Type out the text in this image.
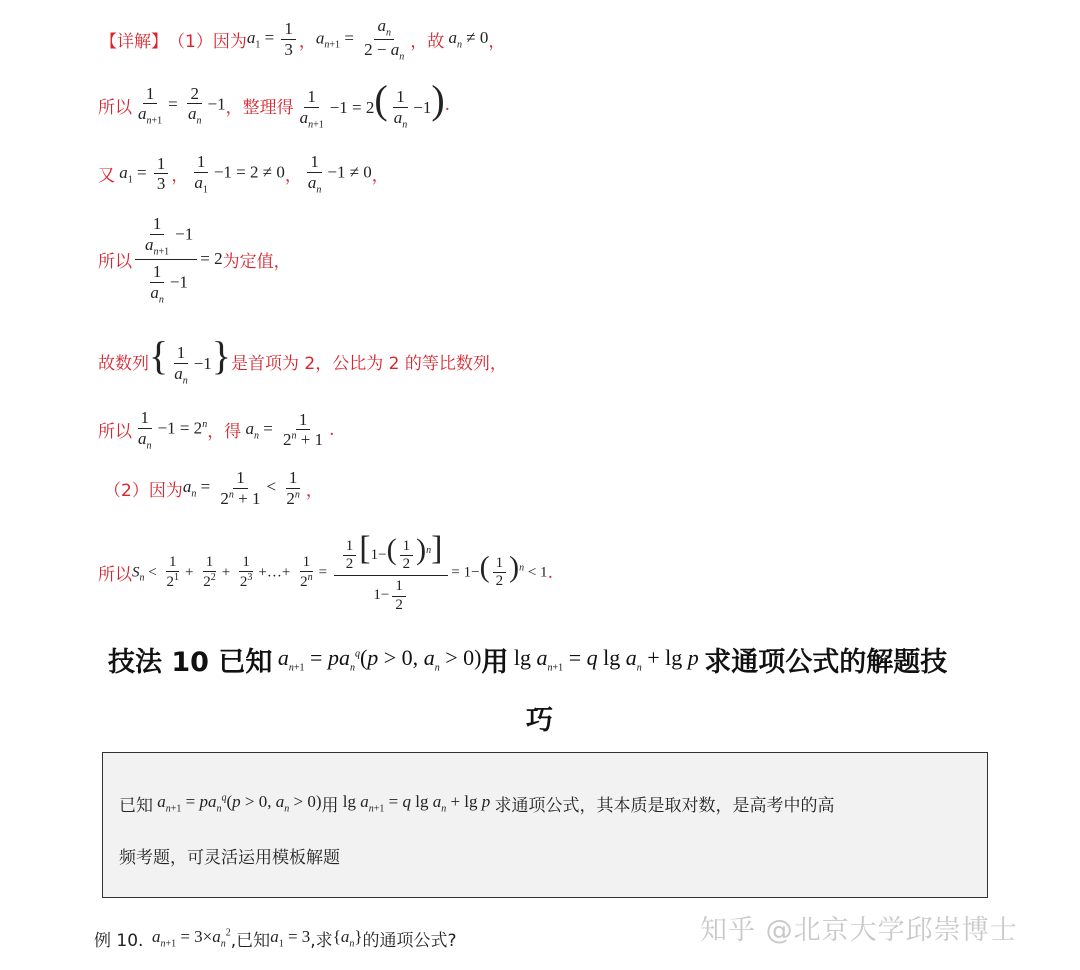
【详解】 （1）因为 $a_1 = \frac{1}{3}$ ， $a_{n+1} = \frac{a_n}{2 - a_n}$ ，故 $a_n \ne 0$ ，
所以 $\frac{1}{a_{n+1}} = \frac{2}{a_n} -1$ ，整理得 $\frac{1}{a_{n+1}} -1 = 2( \frac{1}{a_n} -1)$ .
又 $a_1 = \frac{1}{3}$ ， $\frac{1}{a_1} -1 = 2 \ne 0$ ， $\frac{1}{a_n} -1 \ne 0$ ，
所以 $\frac{\frac{1}{a_{n+1}} -1}{\frac{1}{a_n} -1} = 2$ 为定值，
故数列 { $\frac{1}{a_n} -1$} 是首项为 2，公比为 2 的等比数列，
所以 $\frac{1}{a_n} -1 = 2^n$ ，得 $a_n = \frac{1}{2^n + 1}$ .
（2）因为 $a_n = \frac{1}{2^n + 1} < \frac{1}{2^n}$ ，
所以 $S_n < \frac{1}{2^1} + \frac{1}{2^2} + \frac{1}{2^3}$ +…+ $\frac{1}{2^n} = \frac{\frac{1}{2} [1-( \frac{1}{2} )^n]}{1- \frac{1}{2}} = 1-( \frac{1}{2} )^n < 1$ .
技法 10 已知 $a_{n+1} = pa_n^q(p > 0$, $a_n > 0$) 用 $\lg a_{n+1} = q$ $\lg a_n + \lg p$ 求通项公式的解题技
巧
已知 $a_{n+1} = pa_n^q(p > 0$, $a_n > 0$) 用 $\lg a_{n+1} = q$ $\lg a_n + \lg p$ 求通项公式，其本质是取对数，是高考中的高
频考题，可灵活运用模板解题
例 10. $a_{n+1} = 3\times a_n^2$ ,已知 $a_1 = 3$ ,求 $\{a_n\}$ 的通项公式?	知乎 @北京大学邱崇博士
